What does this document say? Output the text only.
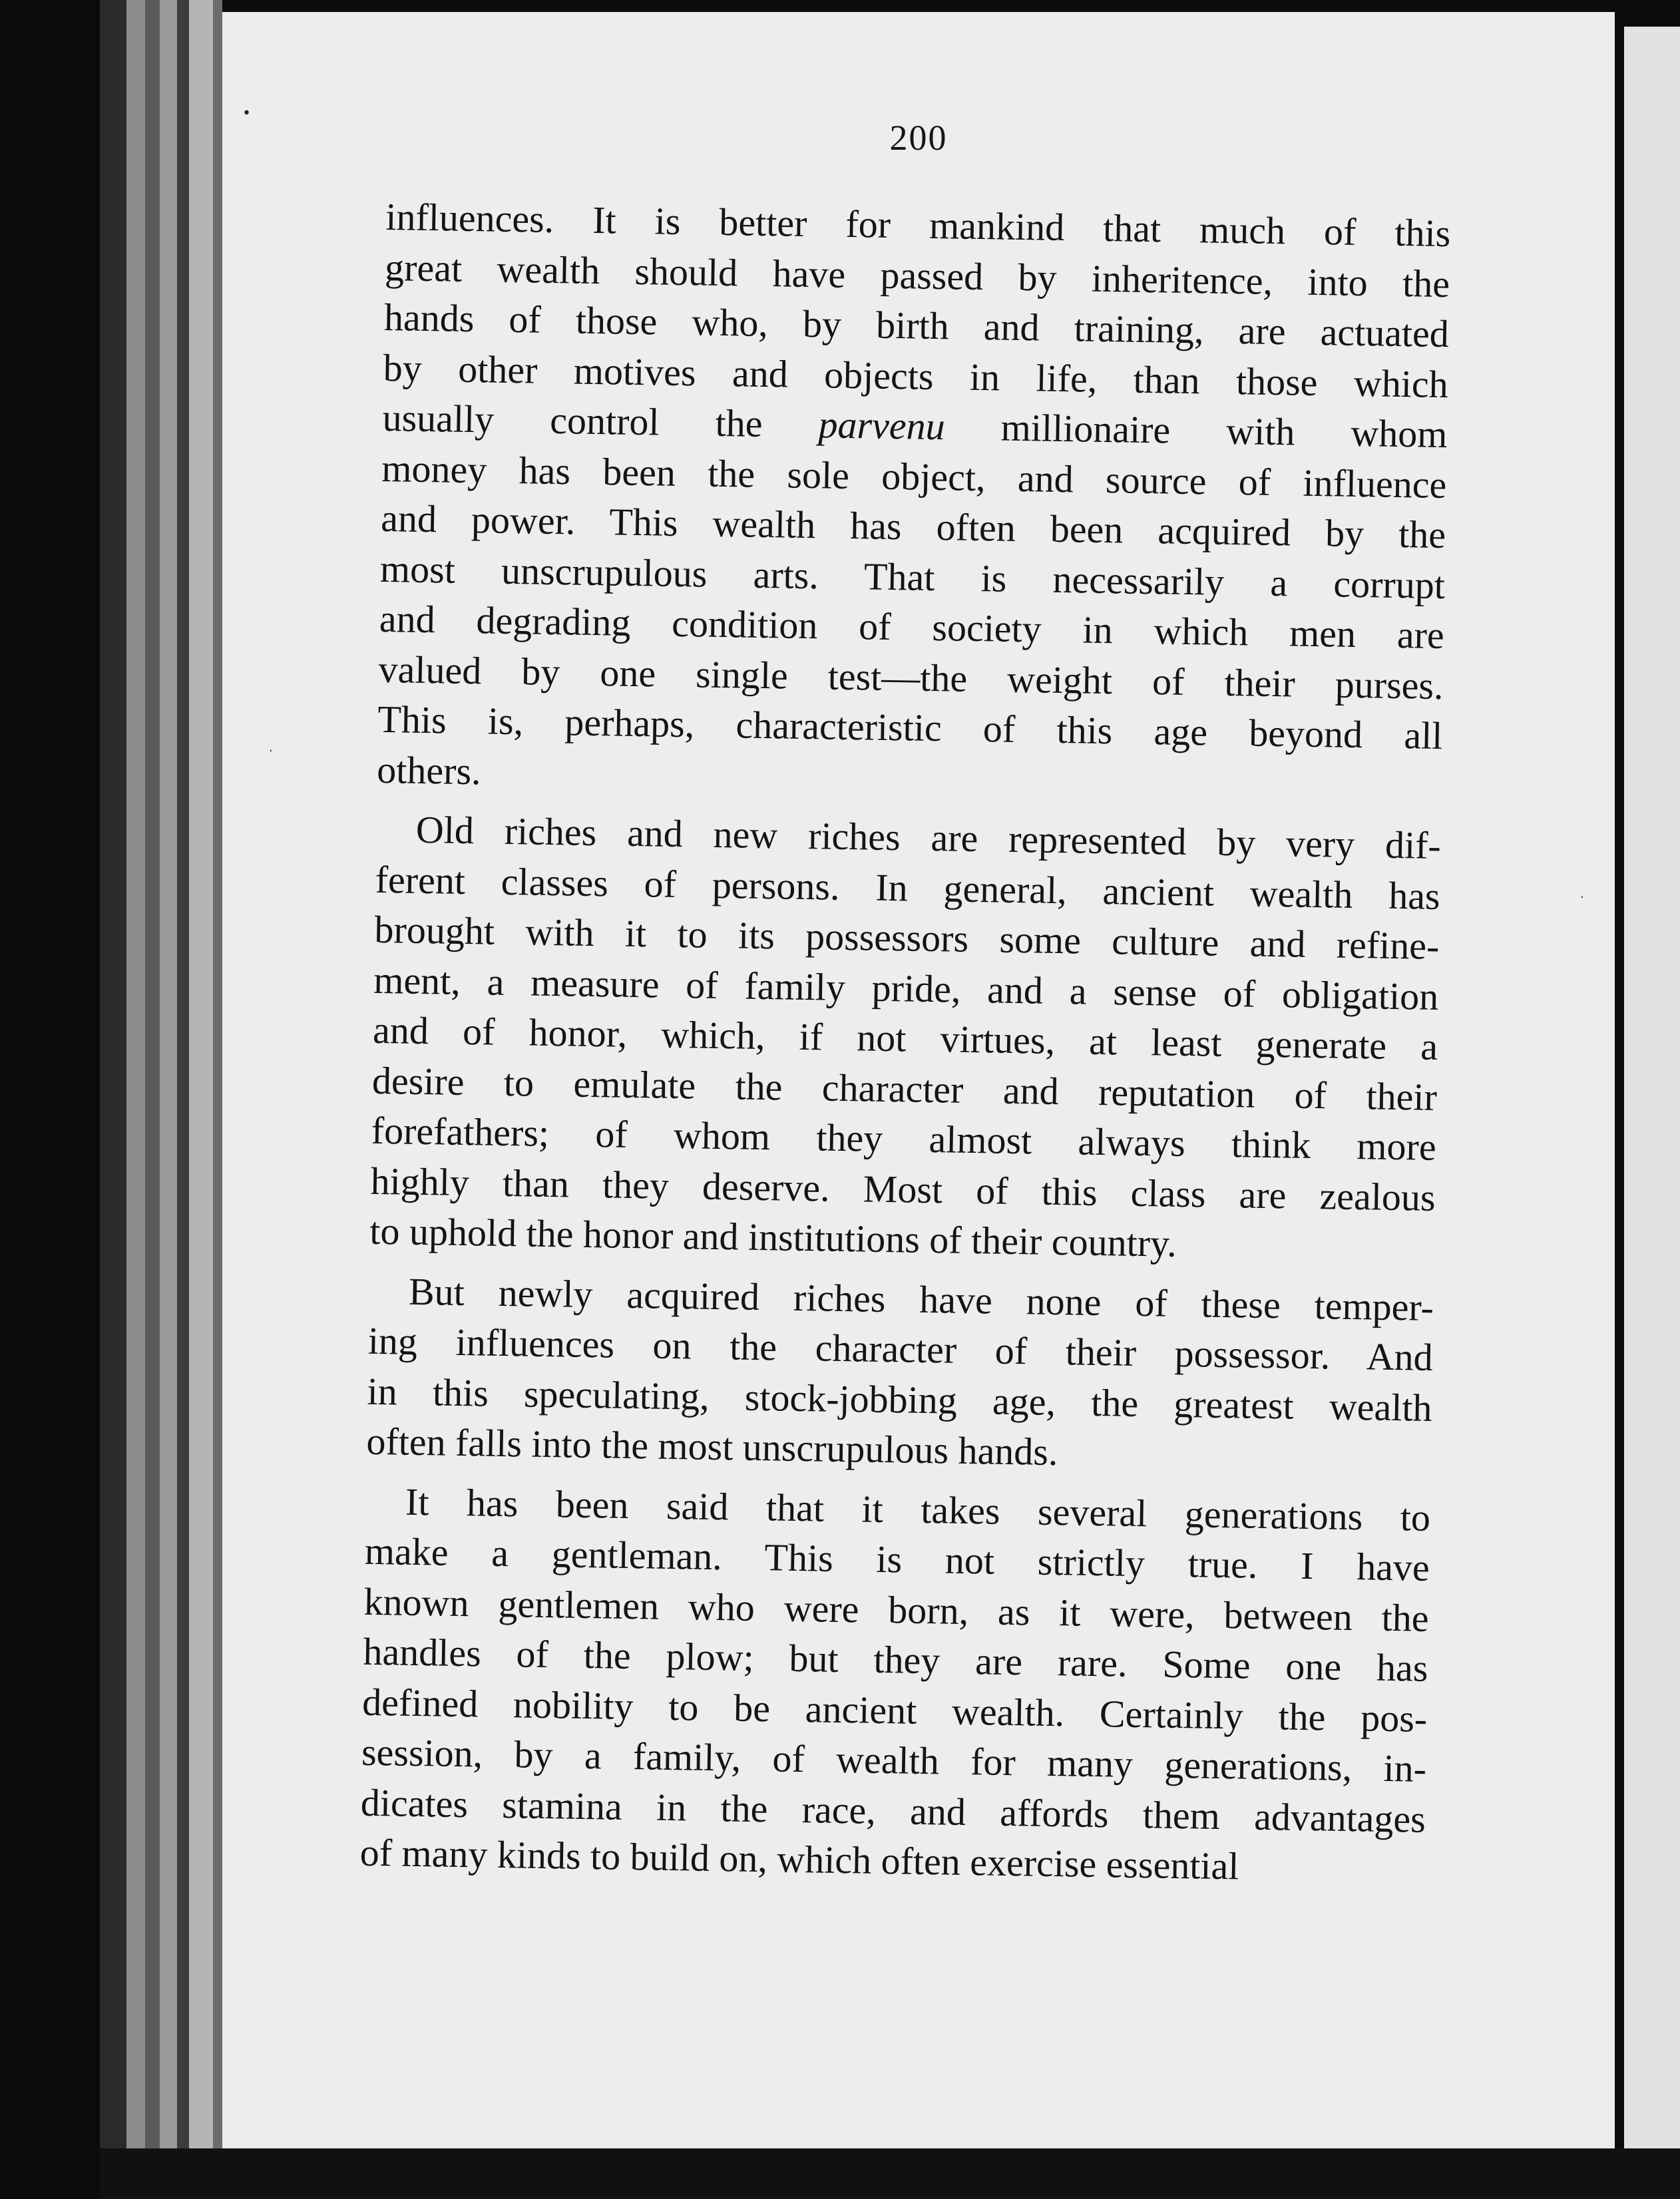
200
influences. It is better for mankind that much of this
great wealth should have passed by inheritence, into the
hands of those who, by birth and training, are actuated
by other motives and objects in life, than those which
usually control the parvenu millionaire with whom
money has been the sole object, and source of influence
and power. This wealth has often been acquired by the
most unscrupulous arts. That is necessarily a corrupt
and degrading condition of society in which men are
valued by one single test—the weight of their purses.
This is, perhaps, characteristic of this age beyond all
others.
Old riches and new riches are represented by very dif-
ferent classes of persons. In general, ancient wealth has
brought with it to its possessors some culture and refine-
ment, a measure of family pride, and a sense of obligation
and of honor, which, if not virtues, at least generate a
desire to emulate the character and reputation of their
forefathers; of whom they almost always think more
highly than they deserve. Most of this class are zealous
to uphold the honor and institutions of their country.
But newly acquired riches have none of these temper-
ing influences on the character of their possessor. And
in this speculating, stock-jobbing age, the greatest wealth
often falls into the most unscrupulous hands.
It has been said that it takes several generations to
make a gentleman. This is not strictly true. I have
known gentlemen who were born, as it were, between the
handles of the plow; but they are rare. Some one has
defined nobility to be ancient wealth. Certainly the pos-
session, by a family, of wealth for many generations, in-
dicates stamina in the race, and affords them advantages
of many kinds to build on, which often exercise essential
•
·
·
